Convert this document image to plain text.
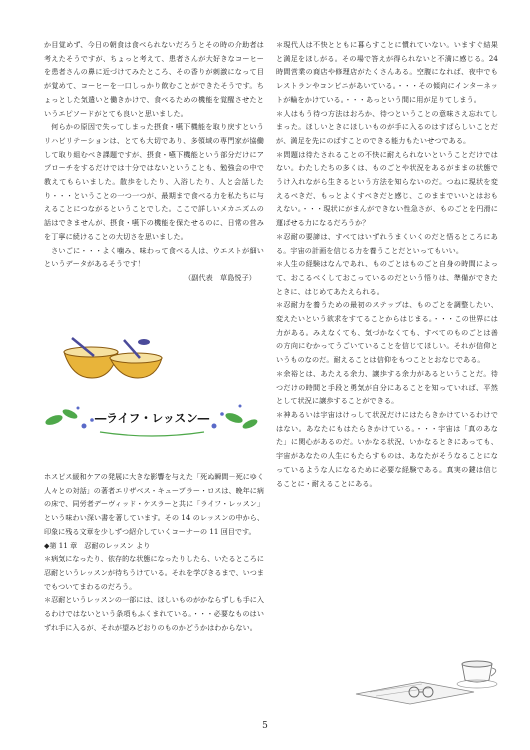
か目覚めず、今日の朝食は食べられないだろうとその時の介助者は考えたそうですが、ちょっと考えて、患者さんが大好きなコーヒーを患者さんの鼻に近づけてみたところ、その香りが刺激になって目が覚めて、コーヒーを一口しっかり飲むことができたそうです。ちょっとした気遣いと働きかけで、食べるための機能を覚醒させたというエピソードがとても良いと思いました。

何らかの原因で失ってしまった摂食・嚥下機能を取り戻すというリハビリテーションは、とても大切であり、多領域の専門家が協働して取り組むべき課題ですが、摂食・嚥下機能という部分だけにアプローチをするだけでは十分ではないということも、勉強会の中で教えてもらいました。散歩をしたり、入浴したり、人と会話したり・・・ということの一つ一つが、最期まで食べる力を私たちに与えることにつながるということでした。ここで詳しいメカニズムの話はできませんが、摂食・嚥下の機能を保たせるのに、日常の営みを丁寧に続けることの大切さを思いました。

さいごに・・・よく噛み、味わって食べる人は、ウエストが細いというデータがあるそうです！

（副代表　草島悦子）

―ライフ・レッスン―

ホスピス緩和ケアの発展に大きな影響を与えた「死ぬ瞬間－死にゆく人々との対話」の著者エリザベス・キューブラー・ロスは、晩年に病の床で、同労者デーヴィッド・ケスラーと共に「ライフ・レッスン」という味わい深い書を著しています。その 14 のレッスンの中から、印象に残る文章を少しずつ紹介していくコーナーの 11 回目です。

◆第 11 章　忍耐のレッスン より

＊病気になったり、依存的な状態になったりしたら、いたるところに忍耐というレッスンが待ちうけている。それを学びきるまで、いつまでもついてまわるのだろう。

＊忍耐というレッスンの一部には、ほしいものがかならずしも手に入るわけではないという条項もふくまれている。・・・必要なものはいずれ手に入るが、それが望みどおりのものかどうかはわからない。

＊現代人は不快とともに暮らすことに慣れていない。いますぐ結果と満足をほしがる。その場で答えが得られないと不満に感じる。24 時間営業の商店や修理店がたくさんある。空腹になれば、夜中でもレストランやコンビニがあいている。・・・その傾向にインターネットが輪をかけている。・・・あっという間に用が足りてしまう。

＊人はもう待つ方法はおろか、待つということの意味さえ忘れてしまった。ほしいときにほしいものが手に入るのはすばらしいことだが、満足を先にのばすことのできる能力もたいせつである。

＊問題は待たされることの不快に耐えられないということだけではない。わたしたちの多くは、ものごとや状況をあるがままの状態でうけ入れながら生きるという方法を知らないのだ。つねに現状を変えるべきだ、もっとよくすべきだと感じ、このままでいいとはおもえない。・・・現状にがまんができない性急さが、ものごとを円滑に運ばせる力になるだろうか？

＊忍耐の要諦は、すべてはいずれうまくいくのだと悟るところにある。宇宙の計画を信じる力を養うことだといってもいい。

＊人生の経験はなんであれ、ものごとはものごと自身の時間によって、おこるべくしておこっているのだという悟りは、準備ができたときに、はじめてあたえられる。

＊忍耐力を養うための最初のステップは、ものごとを調整したい、変えたいという欲求をすてることからはじまる。・・・この世界には力がある。みえなくても、気づかなくても、すべてのものごとは善の方向にむかってうごいていることを信じてほしい。それが信仰というものなのだ。耐えることは信仰をもつこととおなじである。

＊余裕とは、あたえる余力、譲歩する余力があるということだ。待つだけの時間と手段と勇気が自分にあることを知っていれば、平然として状況に譲歩することができる。

＊神あるいは宇宙はけっして状況だけにはたらきかけているわけではない。あなたにもはたらきかけている。・・・宇宙は「真のあなた」に関心があるのだ。いかなる状況、いかなるときにあっても、宇宙があなたの人生にもたらすものは、あなたがそうなることになっているような人になるために必要な経験である。真実の鍵は信じることに・耐えることにある。

5
